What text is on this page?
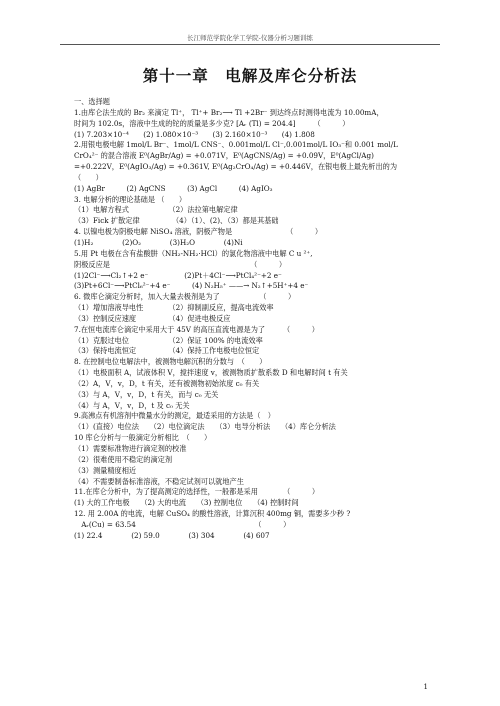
长江师范学院化学工学院-仪器分析习题训练
第十一章　电解及库仑分析法
一、选择题
1.由库仑法生成的 Br₂ 来滴定 Tl⁺， Tl⁺+ Br₂⟶ Tl +2Br⁻ 到达终点时测得电流为 10.00mA，
时间为 102.0s，溶液中生成的铊的质量是多少克? [Aᵣ (Tl) = 204.4]　　　（　　　）
(1) 7.203×10⁻⁴　　(2) 1.080×10⁻³　　(3) 2.160×10⁻³　　(4) 1.808
2.用银电极电解 1mol/L Br⁻、1mol/L CNS⁻、0.001mol/L Cl⁻,0.001mol/L IO₃⁻和 0.001 mol/L
CrO₄²⁻ 的混合溶液 E⁰(AgBr/Ag) = +0.071V，E⁰(AgCNS/Ag) = +0.09V，E⁰(AgCl/Ag)
=+0.222V，E⁰(AgIO₃/Ag) = +0.361V, E⁰(Ag₂CrO₄/Ag) = +0.446V，在银电极上最先析出的为
（　　）
(1) AgBr　　　(2) AgCNS　　　(3) AgCl　　　(4) AgIO₃
3. 电解分析的理论基础是 （　　）
（1）电解方程式　　　　　　（2）法拉第电解定律
（3）Fick 扩散定律　　　　　（4）（1）、(2)、（3）都是其基础
4. 以镍电极为阴极电解 NiSO₄ 溶液，阴极产物是　　　　　　　　（　　　）
(1)H₂　　　　(2)O₂　　　　(3)H₂O　　　　(4)Ni
5.用 Pt 电极在含有盐酸肼（NH₂-NH₂·HCl）的氯化物溶液中电解 C u ²⁺,
阴极反应是　　　　　　　　　　　　　　　　　　　　（　　　）
(1)2Cl⁻⟶Cl₂↑+2 e⁻　　　　　(2)Pt＋4Cl⁻⟶PtCl₄²⁻+2 e⁻
(3)Pt+6Cl⁻⟶PtCl₆²⁻+4 e⁻　　　(4) N₂H₅⁺ ——→ N₂↑+5H⁺+4 e⁻
6. 微库仑滴定分析时，加入大量去极剂是为了　　　　　　（　　　）
（1）增加溶液导电性　　　　（2）抑制副反应，提高电流效率
（3）控制反应速度　　　　　（4）促进电极反应
7.在恒电流库仑滴定中采用大于 45V 的高压直流电源是为了　　　（　　　）
（1）克服过电位　　　　　　（2）保证 100% 的电流效率
（3）保持电流恒定　　　　　（4）保持工作电极电位恒定
8. 在控制电位电解法中，被测物电解沉积的分数与　（　　）
（1）电极面积 A，试液体积 V，搅拌速度 v，被测物质扩散系数 D 和电解时间 t 有关
（2）A，V，v，D，t 有关，还有被测物初始浓度 c₀ 有关
（3）与 A，V，v，D，t 有关，而与 c₀ 无关
（4）与 A，V，v，D，t 及 c₀ 无关
9.高沸点有机溶剂中微量水分的测定，最适采用的方法是（　）
（1）(直接）电位法　　（2）电位滴定法　　（3）电导分析法　　（4）库仑分析法
10 库仑分析与一般滴定分析相比　（　　）
（1）需要标准物进行滴定剂的校准
（2）很难使用不稳定的滴定剂
（3）测量精度相近
（4）不需要制备标准溶液，不稳定试剂可以就地产生
11.在库仑分析中，为了提高测定的选择性，一般都是采用　　　　（　　　）
(1) 大的工作电极　　（2) 大的电流　　（3) 控制电位　　（4) 控制时间
12. 用 2.00A 的电流，电解 CuSO₄ 的酸性溶液，计算沉积 400mg 铜，需要多少秒 ?
　Aᵣ(Cu) = 63.54　　　　　　　　　　　　　　　　　（　　　）
(1) 22.4　　　　(2) 59.0　　　　(3) 304　　　　(4) 607
1
